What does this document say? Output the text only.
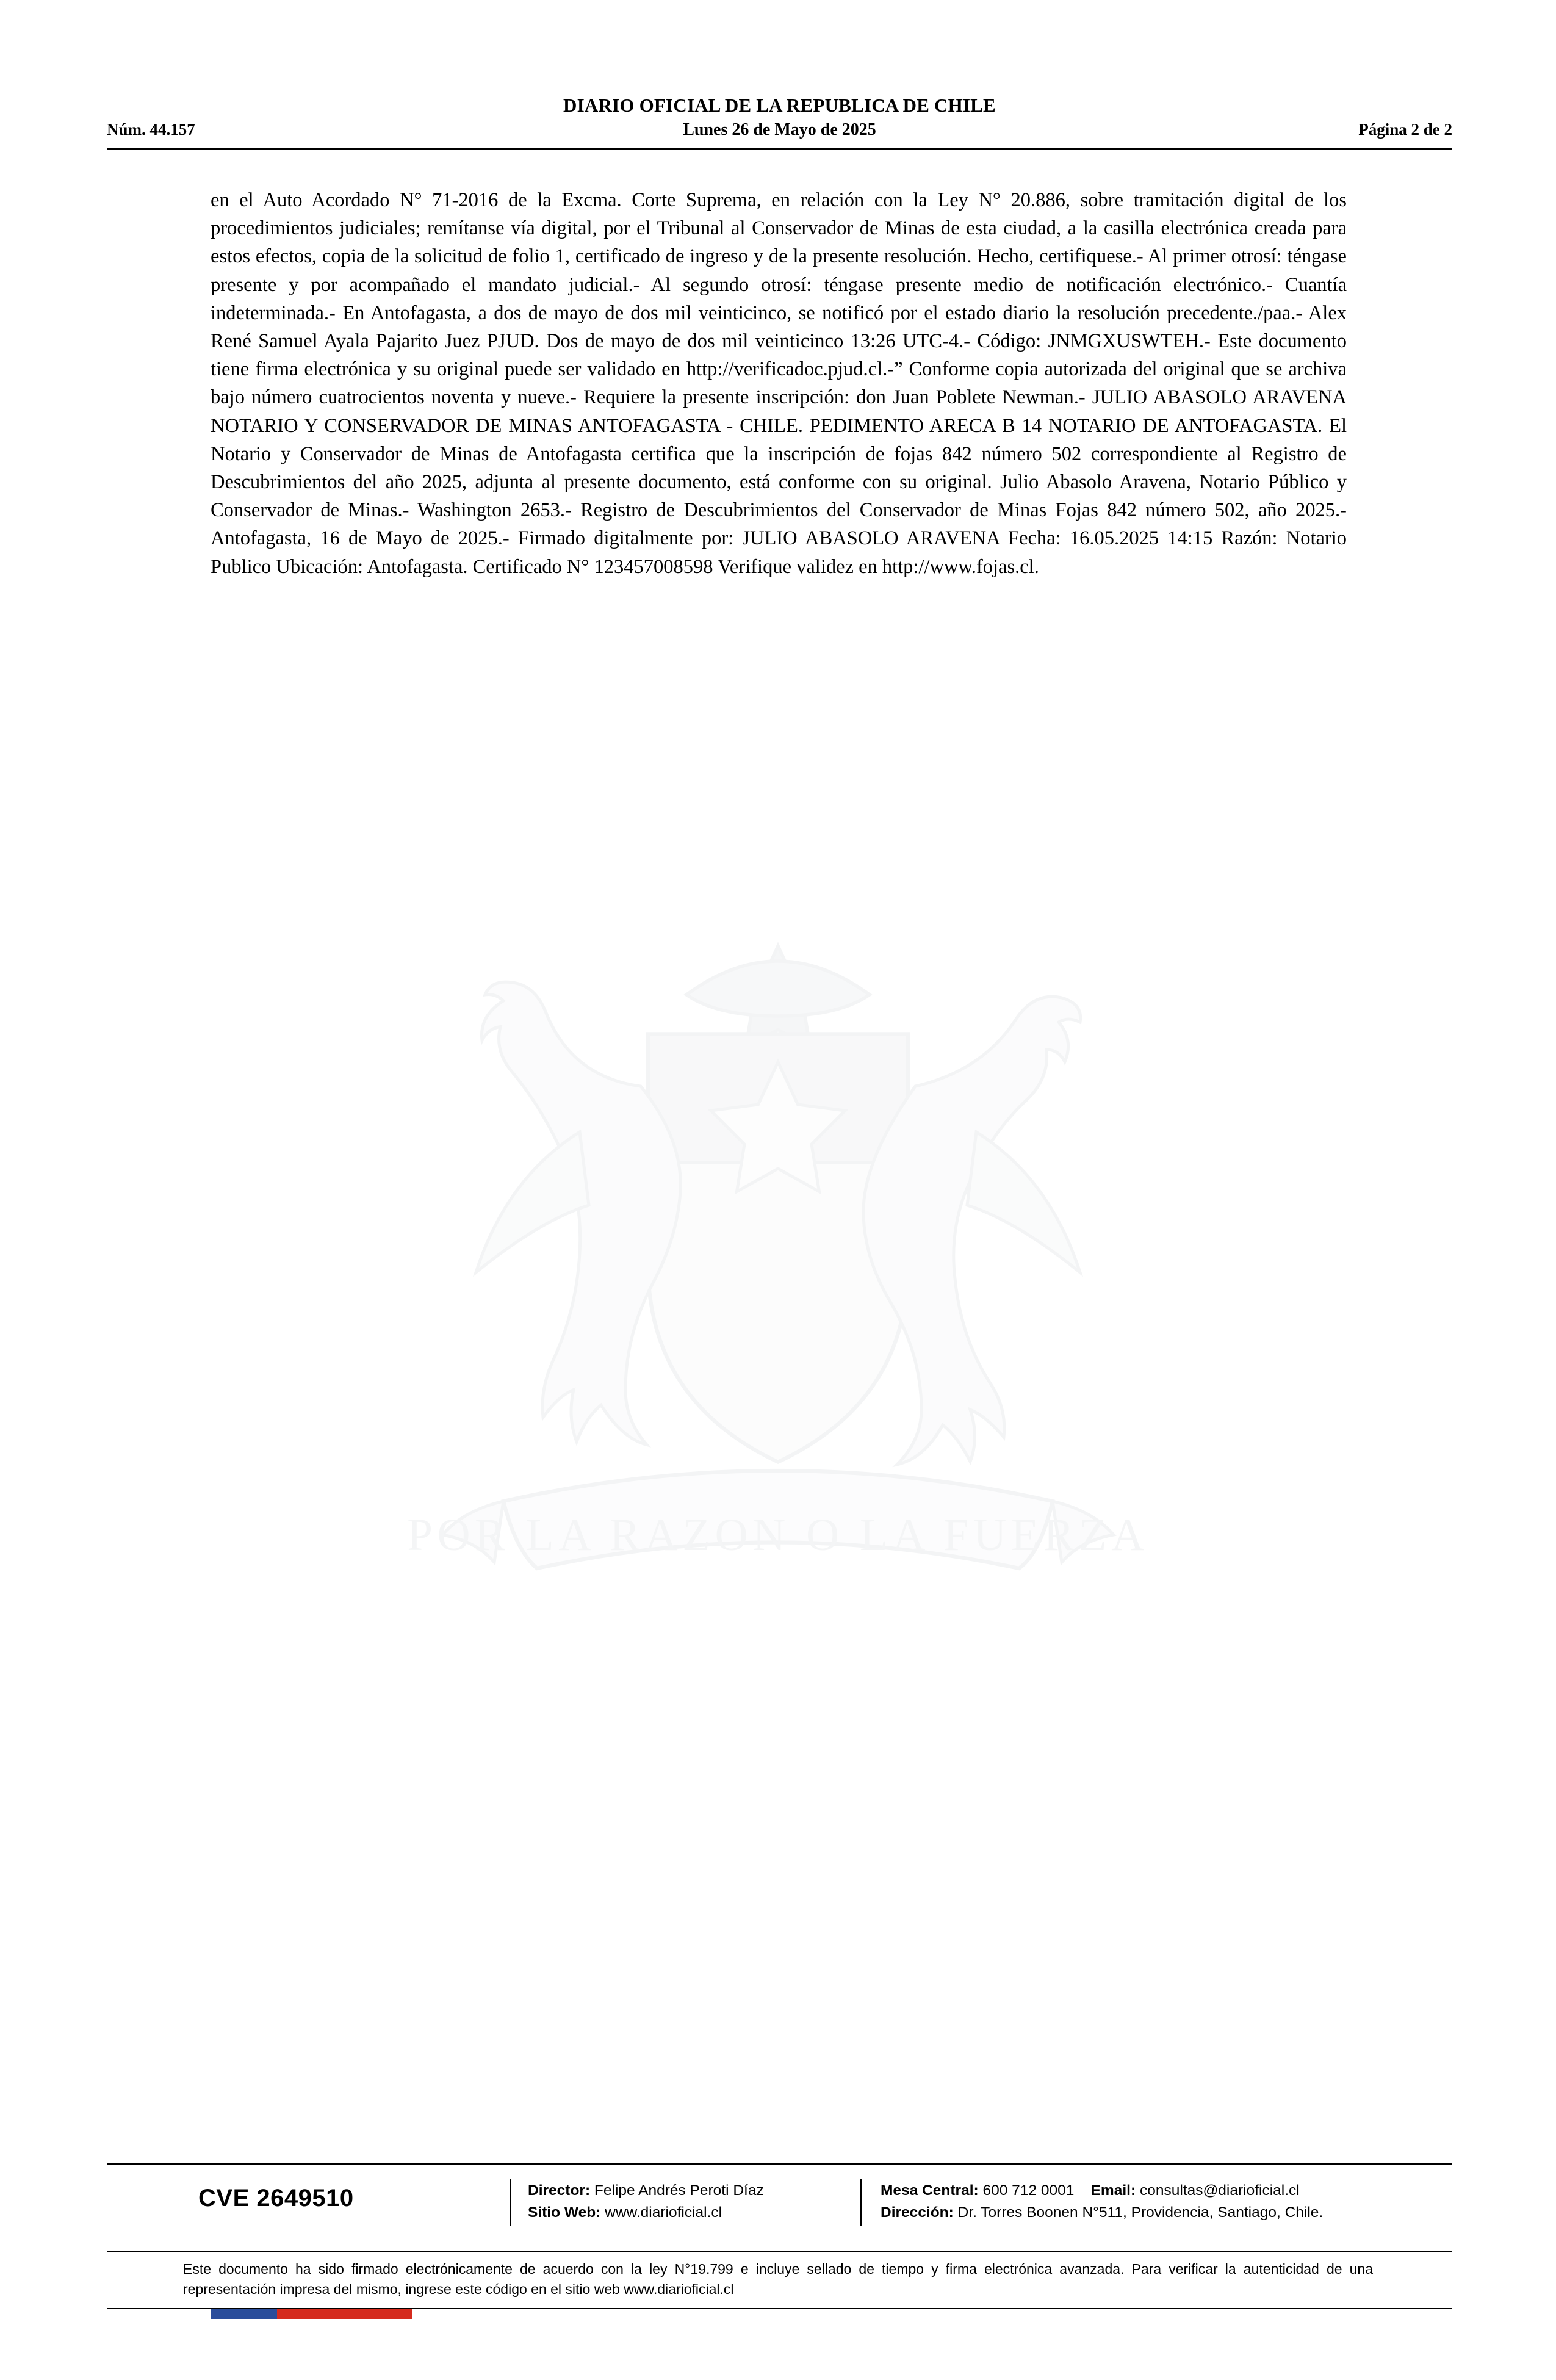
DIARIO OFICIAL DE LA REPUBLICA DE CHILE
Núm. 44.157	Lunes 26 de Mayo de 2025	Página 2 de 2
en el Auto Acordado N° 71-2016 de la Excma. Corte Suprema, en relación con la Ley N° 20.886, sobre tramitación digital de los procedimientos judiciales; remítanse vía digital, por el Tribunal al Conservador de Minas de esta ciudad, a la casilla electrónica creada para estos efectos, copia de la solicitud de folio 1, certificado de ingreso y de la presente resolución. Hecho, certifiquese.- Al primer otrosí: téngase presente y por acompañado el mandato judicial.- Al segundo otrosí: téngase presente medio de notificación electrónico.- Cuantía indeterminada.- En Antofagasta, a dos de mayo de dos mil veinticinco, se notificó por el estado diario la resolución precedente./paa.- Alex René Samuel Ayala Pajarito Juez PJUD. Dos de mayo de dos mil veinticinco 13:26 UTC-4.- Código: JNMGXUSWTEH.- Este documento tiene firma electrónica y su original puede ser validado en http://verificadoc.pjud.cl.-” Conforme copia autorizada del original que se archiva bajo número cuatrocientos noventa y nueve.- Requiere la presente inscripción: don Juan Poblete Newman.- JULIO ABASOLO ARAVENA NOTARIO Y CONSERVADOR DE MINAS ANTOFAGASTA - CHILE. PEDIMENTO ARECA B 14 NOTARIO DE ANTOFAGASTA. El Notario y Conservador de Minas de Antofagasta certifica que la inscripción de fojas 842 número 502 correspondiente al Registro de Descubrimientos del año 2025, adjunta al presente documento, está conforme con su original. Julio Abasolo Aravena, Notario Público y Conservador de Minas.- Washington 2653.- Registro de Descubrimientos del Conservador de Minas Fojas 842 número 502, año 2025.- Antofagasta, 16 de Mayo de 2025.- Firmado digitalmente por: JULIO ABASOLO ARAVENA Fecha: 16.05.2025 14:15 Razón: Notario Publico Ubicación: Antofagasta. Certificado N° 123457008598 Verifique validez en http://www.fojas.cl.
POR LA RAZON O LA FUERZA
CVE 2649510	Director: Felipe Andrés Peroti Díaz
Sitio Web: www.diarioficial.cl
Mesa Central: 600 712 0001 Email: consultas@diarioficial.cl
Dirección: Dr. Torres Boonen N°511, Providencia, Santiago, Chile.
Este documento ha sido firmado electrónicamente de acuerdo con la ley N°19.799 e incluye sellado de tiempo y firma electrónica avanzada. Para verificar la autenticidad de una representación impresa del mismo, ingrese este código en el sitio web www.diarioficial.cl
